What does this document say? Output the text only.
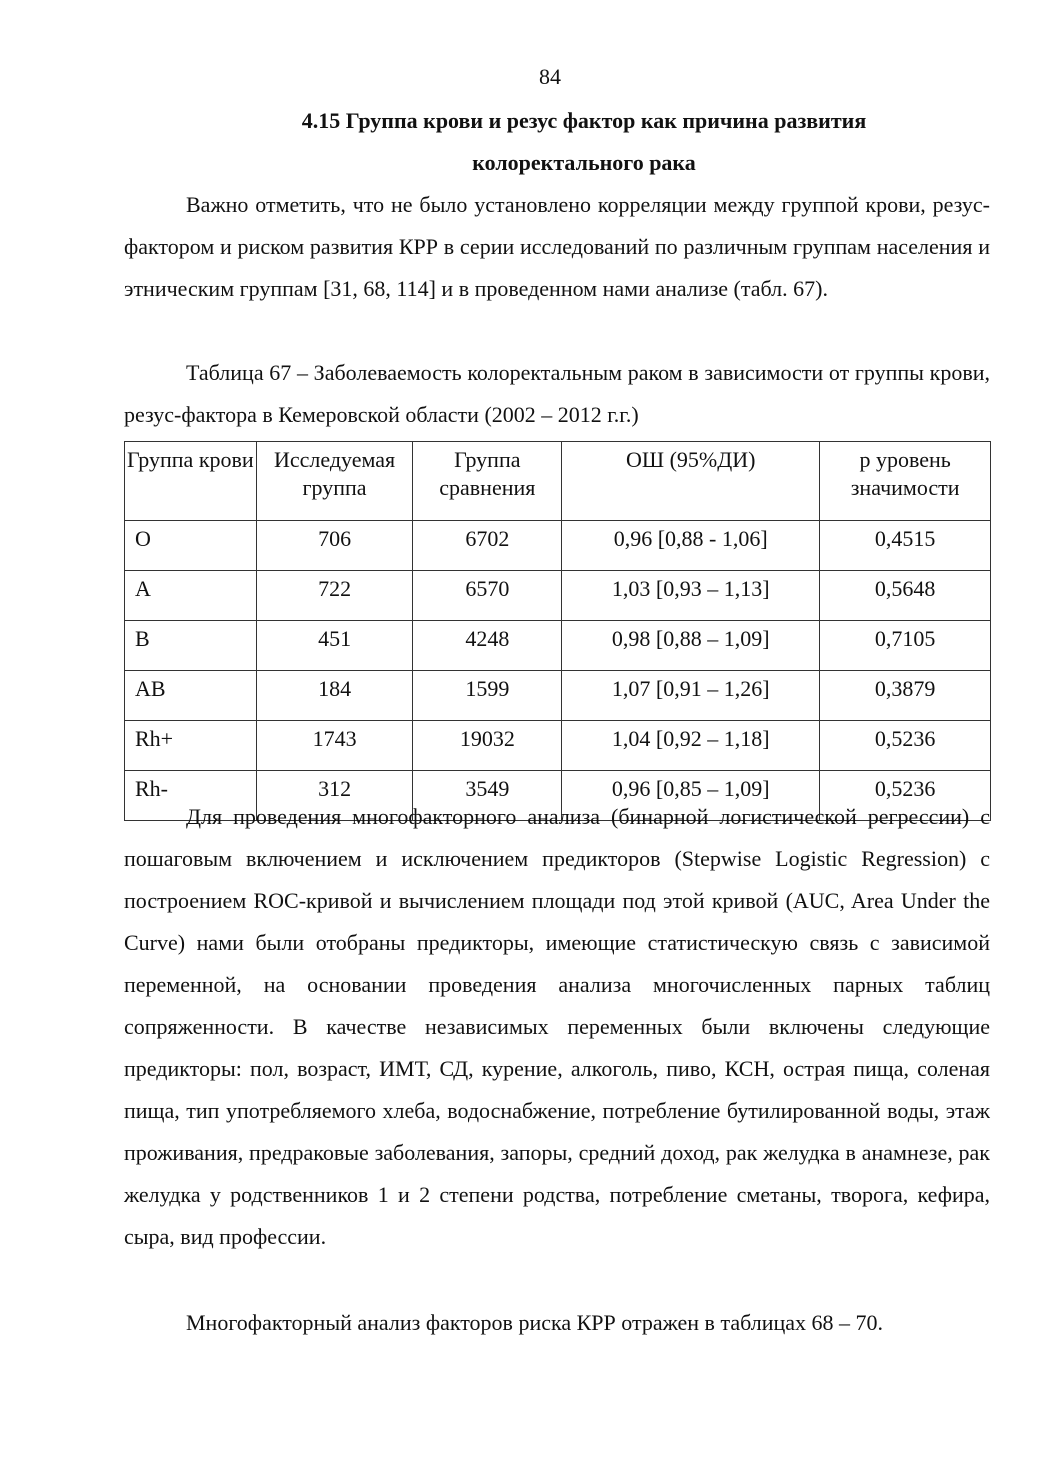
84
4.15 Группа крови и резус фактор как причина развития
колоректального рака

Важно отметить, что не было установлено корреляции между группой крови, резус-фактором и риском развития КРР в серии исследований по различным группам населения и этническим группам [31, 68, 114] и в проведенном нами анализе (табл. 67).

Таблица 67 – Заболеваемость колоректальным раком в зависимости от группы крови, резус-фактора в Кемеровской области (2002 – 2012 г.г.)

Группа крови	Исследуемая группа	Группа сравнения	ОШ (95%ДИ)	p уровень значимости
O	706	6702	0,96 [0,88 - 1,06]	0,4515
A	722	6570	1,03 [0,93 – 1,13]	0,5648
B	451	4248	0,98 [0,88 – 1,09]	0,7105
AB	184	1599	1,07 [0,91 – 1,26]	0,3879
Rh+	1743	19032	1,04 [0,92 – 1,18]	0,5236
Rh-	312	3549	0,96 [0,85 – 1,09]	0,5236

Для проведения многофакторного анализа (бинарной логистической регрессии) с пошаговым включением и исключением предикторов (Stepwise Logistic Regression) с построением ROC-кривой и вычислением площади под этой кривой (AUC, Area Under the Curve) нами были отобраны предикторы, имеющие статистическую связь с зависимой переменной, на основании проведения анализа многочисленных парных таблиц сопряженности. В качестве независимых переменных были включены следующие предикторы: пол, возраст, ИМТ, СД, курение, алкоголь, пиво, КСН, острая пища, соленая пища, тип употребляемого хлеба, водоснабжение, потребление бутилированной воды, этаж проживания, предраковые заболевания, запоры, средний доход, рак желудка в анамнезе, рак желудка у родственников 1 и 2 степени родства, потребление сметаны, творога, кефира, сыра, вид профессии.

Многофакторный анализ факторов риска КРР отражен в таблицах 68 – 70.
